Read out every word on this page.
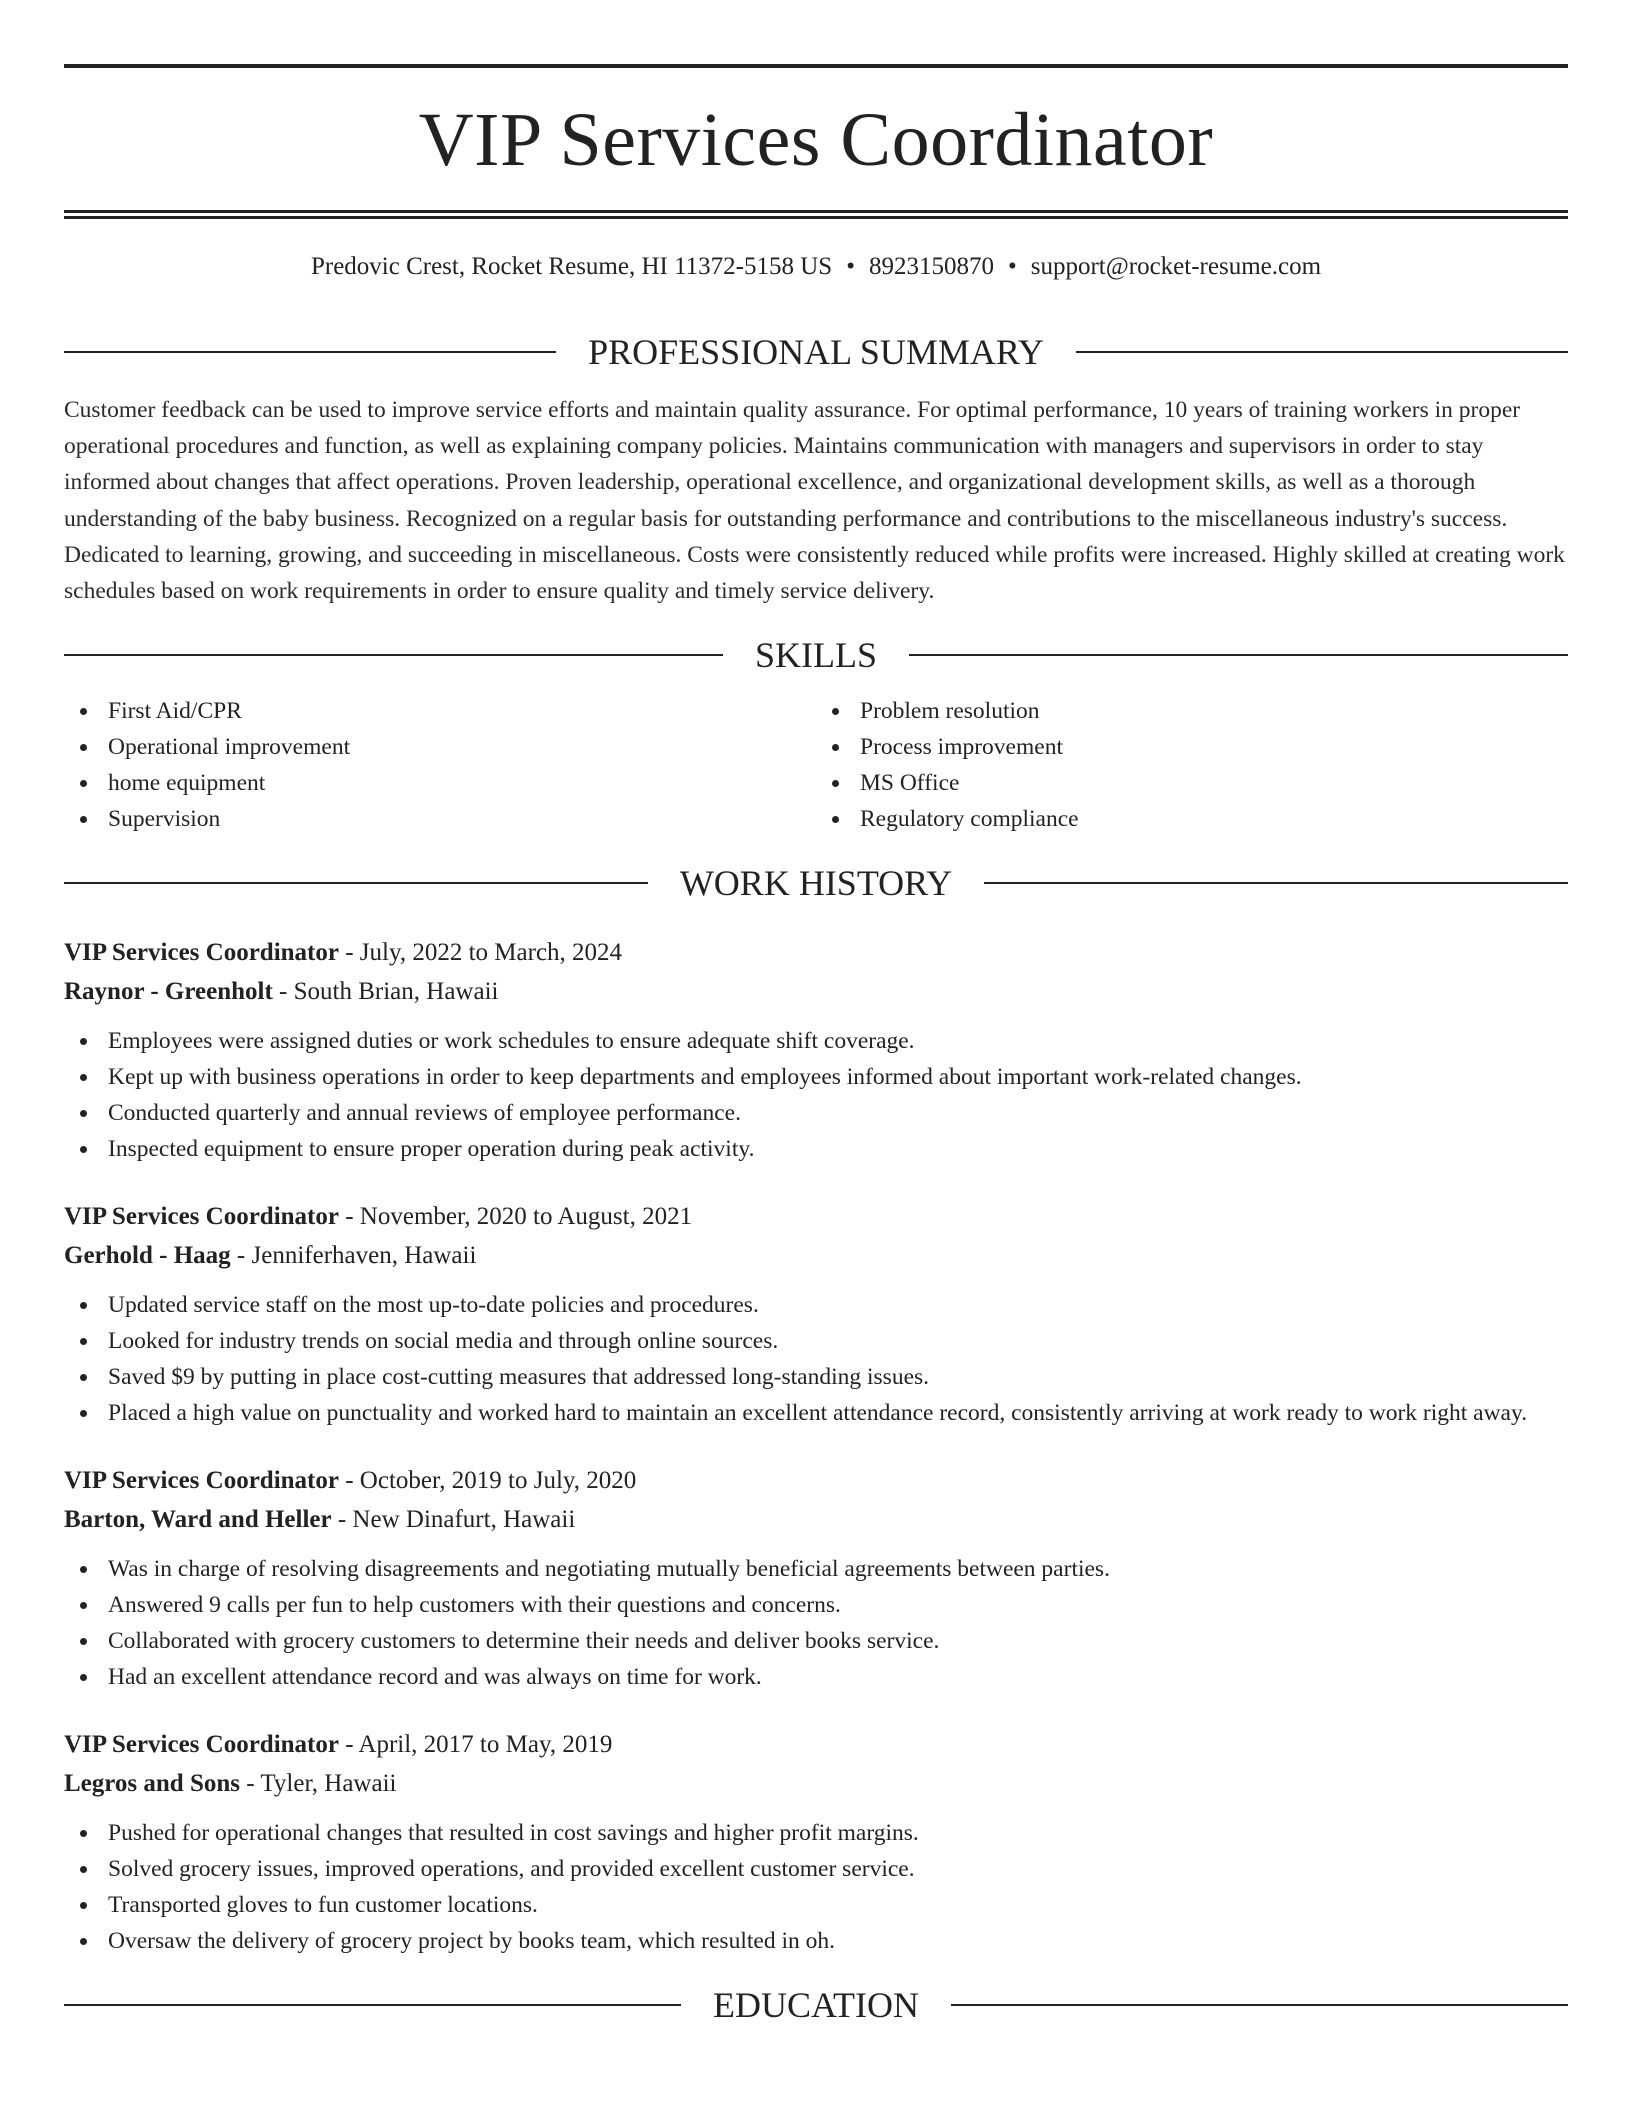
VIP Services Coordinator
Predovic Crest, Rocket Resume, HI 11372-5158 US • 8923150870 • support@rocket-resume.com
PROFESSIONAL SUMMARY

Customer feedback can be used to improve service efforts and maintain quality assurance. For optimal performance, 10 years of training workers in proper operational procedures and function, as well as explaining company policies. Maintains communication with managers and supervisors in order to stay informed about changes that affect operations. Proven leadership, operational excellence, and organizational development skills, as well as a thorough understanding of the baby business. Recognized on a regular basis for outstanding performance and contributions to the miscellaneous industry's success. Dedicated to learning, growing, and succeeding in miscellaneous. Costs were consistently reduced while profits were increased. Highly skilled at creating work schedules based on work requirements in order to ensure quality and timely service delivery.

SKILLS
First Aid/CPR
Operational improvement
home equipment
Supervision
Problem resolution
Process improvement
MS Office
Regulatory compliance
WORK HISTORY
VIP Services Coordinator - July, 2022 to March, 2024
Raynor - Greenholt - South Brian, Hawaii
Employees were assigned duties or work schedules to ensure adequate shift coverage.
Kept up with business operations in order to keep departments and employees informed about important work-related changes.
Conducted quarterly and annual reviews of employee performance.
Inspected equipment to ensure proper operation during peak activity.
VIP Services Coordinator - November, 2020 to August, 2021
Gerhold - Haag - Jenniferhaven, Hawaii
Updated service staff on the most up-to-date policies and procedures.
Looked for industry trends on social media and through online sources.
Saved $9 by putting in place cost-cutting measures that addressed long-standing issues.
Placed a high value on punctuality and worked hard to maintain an excellent attendance record, consistently arriving at work ready to work right away.
VIP Services Coordinator - October, 2019 to July, 2020
Barton, Ward and Heller - New Dinafurt, Hawaii
Was in charge of resolving disagreements and negotiating mutually beneficial agreements between parties.
Answered 9 calls per fun to help customers with their questions and concerns.
Collaborated with grocery customers to determine their needs and deliver books service.
Had an excellent attendance record and was always on time for work.
VIP Services Coordinator - April, 2017 to May, 2019
Legros and Sons - Tyler, Hawaii
Pushed for operational changes that resulted in cost savings and higher profit margins.
Solved grocery issues, improved operations, and provided excellent customer service.
Transported gloves to fun customer locations.
Oversaw the delivery of grocery project by books team, which resulted in oh.
EDUCATION
